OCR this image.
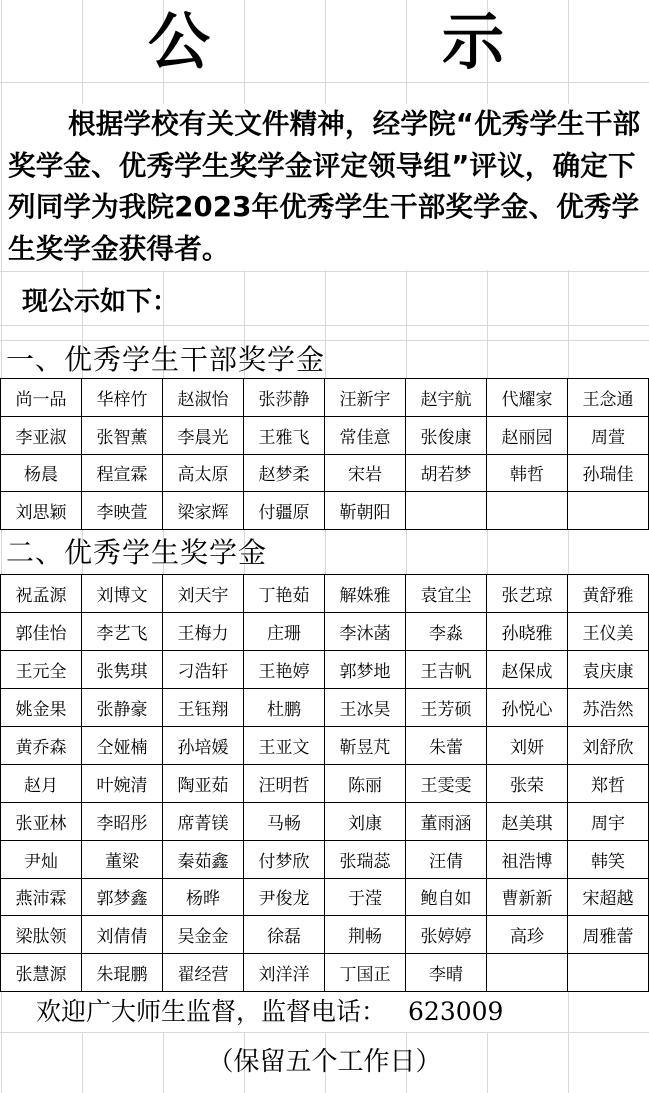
公	示
根据学校有关文件精神，经学院“优秀学生干部奖学金、优秀学生奖学金评定领导组”评议，确定下列同学为我院2023年优秀学生干部奖学金、优秀学生奖学金获得者。
现公示如下：
一、优秀学生干部奖学金
尚一品	华梓竹	赵淑怡	张莎静	汪新宇	赵宇航	代耀家	王念通
李亚淑	张智薰	李晨光	王雅飞	常佳意	张俊康	赵丽园	周萱
杨晨	程宣霖	高太原	赵梦柔	宋岩	胡若梦	韩哲	孙瑞佳
刘思颖	李映萱	梁家辉	付疆原	靳朝阳			
二、优秀学生奖学金
祝孟源	刘博文	刘天宇	丁艳茹	解姝雅	袁宜尘	张艺琼	黄舒雅
郭佳怡	李艺飞	王梅力	庄珊	李沐菡	李淼	孙晓雅	王仪美
王元全	张隽琪	刁浩轩	王艳婷	郭梦地	王吉帆	赵保成	袁庆康
姚金果	张静豪	王钰翔	杜鹏	王冰昊	王芳硕	孙悦心	苏浩然
黄乔森	仝娅楠	孙培媛	王亚文	靳昱芃	朱蕾	刘妍	刘舒欣
赵月	叶婉清	陶亚茹	汪明哲	陈丽	王雯雯	张荣	郑哲
张亚林	李昭彤	席菁镁	马畅	刘康	董雨涵	赵美琪	周宇
尹灿	董梁	秦茹鑫	付梦欣	张瑞蕊	汪倩	祖浩博	韩笑
燕沛霖	郭梦鑫	杨晔	尹俊龙	于滢	鲍自如	曹新新	宋超越
梁肽领	刘倩倩	吴金金	徐磊	荆畅	张婷婷	高珍	周雅蕾
张慧源	朱琨鹏	翟经营	刘洋洋	丁国正	李晴		
欢迎广大师生监督，监督电话： 623009
（保留五个工作日）
